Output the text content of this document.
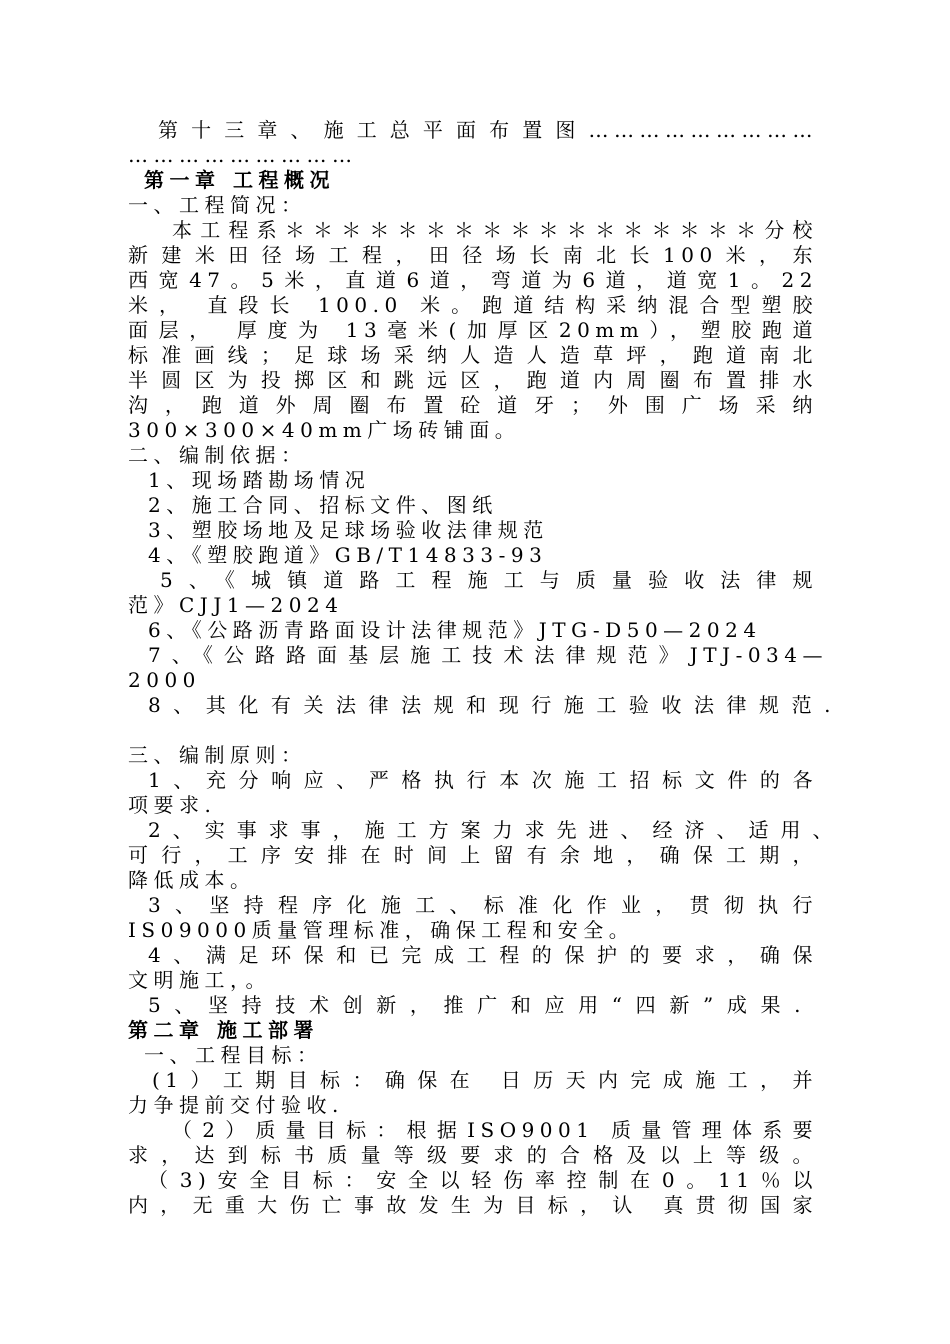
第十三章、施工总平面布置图………………………
………………………
第一章 工程概况
一、工程简况：
本工程系＊＊＊＊＊＊＊＊＊＊＊＊＊＊＊＊＊分校
新建米田径场工程，田径场长南北长100米，东
西宽47。5米，直道6道，弯道为6道，道宽1。22
米， 直段长 100.0 米。跑道结构采纳混合型塑胶
面层， 厚度为 13毫米(加厚区20mm），塑胶跑道
标准画线；足球场采纳人造人造草坪，跑道南北
半圆区为投掷区和跳远区，跑道内周圈布置排水
沟，跑道外周圈布置砼道牙；外围广场采纳
300×300×40mm广场砖铺面。
二、编制依据：
1、现场踏勘场情况
2、施工合同、招标文件、图纸
3、塑胶场地及足球场验收法律规范
4、《塑胶跑道》GB/T14833-93
5、《城镇道路工程施工与质量验收法律规
范》CJJ1—2024
6、《公路沥青路面设计法律规范》JTG-D50—2024
7、《公路路面基层施工技术法律规范》JTJ-034—
2000
8、其化有关法律法规和现行施工验收法律规范.
三、编制原则：
1、充分响应、严格执行本次施工招标文件的各
项要求.
2、实事求事，施工方案力求先进、经济、适用、
可行，工序安排在时间上留有余地，确保工期，
降低成本。
3、坚持程序化施工、标准化作业，贯彻执行
IS09000质量管理标准，确保工程和安全。
4、满足环保和已完成工程的保护的要求，确保
文明施工，。
5、坚持技术创新，推广和应用“四新”成果.
第二章 施工部署
一、工程目标：
(1）工期目标：确保在 日历天内完成施工，并
力争提前交付验收.
（2）质量目标：根据ISO9001 质量管理体系要
求，达到标书质量等级要求的合格及以上等级。
（3)安全目标：安全以轻伤率控制在0。11％以
内，无重大伤亡事故发生为目标，认 真贯彻国家
